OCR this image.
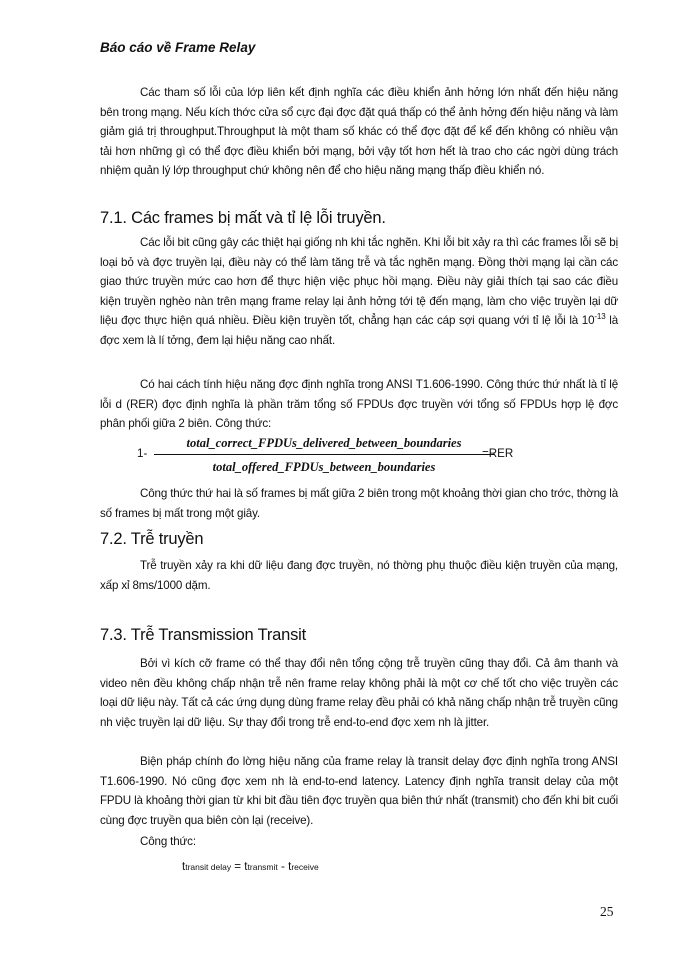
Báo cáo về Frame Relay

Các tham số lỗi của lớp liên kết định nghĩa các điều khiển ảnh hởng lớn nhất đến hiệu năng bên trong mạng. Nếu kích thớc cửa sổ cực đại đợc đặt quá thấp có thể ảnh hởng đến hiệu năng và làm giảm giá trị throughput.Throughput là một tham số khác có thể đợc đặt để kể đến không có nhiều vận tải hơn những gì có thể đợc điều khiển bởi mạng, bởi vậy tốt hơn hết là trao cho các ngời dùng trách nhiệm quản lý lớp throughput chứ không nên để cho hiệu năng mạng thấp điều khiển nó.

7.1. Các frames bị mất và tỉ lệ lỗi truyền.

Các lỗi bit cũng gây các thiệt hại giống nh khi tắc nghẽn. Khi lỗi bit xảy ra thì các frames lỗi sẽ bị loại bỏ và đợc truyền lại, điều này có thể làm tăng trễ và tắc nghẽn mạng. Đồng thời mạng lại cần các giao thức truyền mức cao hơn để thực hiện việc phục hồi mạng. Điều này giải thích tại sao các điều kiện truyền nghèo nàn trên mạng frame relay lại ảnh hởng tới tệ đến mạng, làm cho việc truyền lại dữ liệu đợc thực hiện quá nhiều. Điều kiện truyền tốt, chẳng hạn các cáp sợi quang với tỉ lệ lỗi là $10^{-13}$ là đợc xem là lí tởng, đem lại hiệu năng cao nhất.

Có hai cách tính hiệu năng đợc định nghĩa trong ANSI T1.606-1990. Công thức thứ nhất là tỉ lệ lỗi d (RER) đợc định nghĩa là phần trăm tổng số FPDUs đợc truyền với tổng số FPDUs hợp lệ đợc phân phối giữa 2 biên. Công thức:

1-
total_correct_FPDUs_delivered_between_boundaries
total_offered_FPDUs_between_boundaries
=RER

Công thức thứ hai là số frames bị mất giữa 2 biên trong một khoảng thời gian cho trớc, thờng là số frames bị mất trong một giây.

7.2. Trễ truyền

Trễ truyền xảy ra khi dữ liệu đang đợc truyền, nó thờng phụ thuộc điều kiện truyền của mạng, xấp xỉ 8ms/1000 dặm.

7.3. Trễ Transmission Transit

Bởi vì kích cỡ frame có thể thay đổi nên tổng cộng trễ truyền cũng thay đổi. Cả âm thanh và video nên đều không chấp nhận trễ nên frame relay không phải là một cơ chế tốt cho việc truyền các loại dữ liệu này. Tất cả các ứng dụng dùng frame relay đều phải có khả năng chấp nhận trễ truyền cũng nh việc truyền lại dữ liệu. Sự thay đổi trong trễ end-to-end đợc xem nh là jitter.

Biện pháp chính đo lờng hiệu năng của frame relay là transit delay đợc định nghĩa trong ANSI T1.606-1990. Nó cũng đợc xem nh là end-to-end latency. Latency định nghĩa transit delay của một FPDU là khoảng thời gian từ khi bit đầu tiên đợc truyền qua biên thứ nhất (transmit) cho đến khi bit cuối cùng đợc truyền qua biên còn lại (receive).

Công thức:

ttransit delay = ttransmit - treceive
25
